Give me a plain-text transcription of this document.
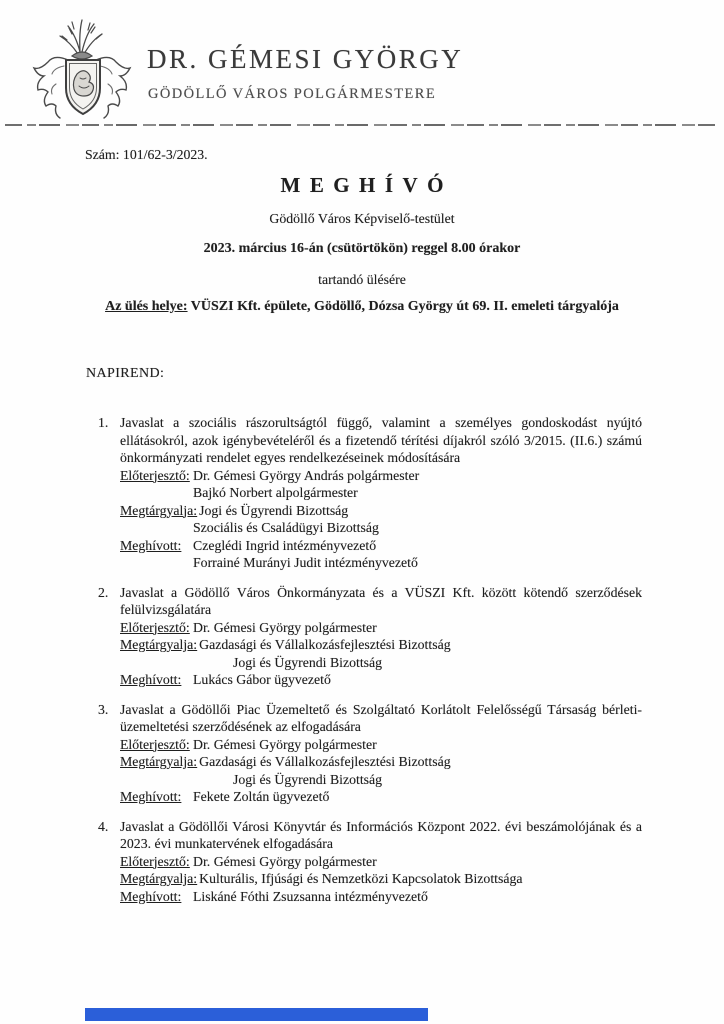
DR. GÉMESI GYÖRGY
GÖDÖLLŐ VÁROS POLGÁRMESTERE
Szám: 101/62-3/2023.
MEGHÍVÓ
Gödöllő Város Képviselő-testület
2023. március 16-án (csütörtökön) reggel 8.00 órakor
tartandó ülésére
Az ülés helye: VÜSZI Kft. épülete, Gödöllő, Dózsa György út 69. II. emeleti tárgyalója
NAPIREND:
1. Javaslat a szociális rászorultságtól függő, valamint a személyes gondoskodást nyújtó ellátásokról, azok igénybevételéről és a fizetendő térítési díjakról szóló 3/2015. (II.6.) számú önkormányzati rendelet egyes rendelkezéseinek módosítására

Előterjesztő: Dr. Gémesi György András polgármester
Bajkó Norbert alpolgármester
Megtárgyalja: Jogi és Ügyrendi Bizottság
Szociális és Családügyi Bizottság
Meghívott: Czeglédi Ingrid intézményvezető
Forrainé Murányi Judit intézményvezető
2. Javaslat a Gödöllő Város Önkormányzata és a VÜSZI Kft. között kötendő szerződések felülvizsgálatára

Előterjesztő: Dr. Gémesi György polgármester
Megtárgyalja: Gazdasági és Vállalkozásfejlesztési Bizottság
Jogi és Ügyrendi Bizottság
Meghívott: Lukács Gábor ügyvezető
3. Javaslat a Gödöllői Piac Üzemeltető és Szolgáltató Korlátolt Felelősségű Társaság bérleti-üzemeltetési szerződésének az elfogadására

Előterjesztő: Dr. Gémesi György polgármester
Megtárgyalja: Gazdasági és Vállalkozásfejlesztési Bizottság
Jogi és Ügyrendi Bizottság
Meghívott: Fekete Zoltán ügyvezető
4. Javaslat a Gödöllői Városi Könyvtár és Információs Központ 2022. évi beszámolójának és a 2023. évi munkatervének elfogadására

Előterjesztő: Dr. Gémesi György polgármester
Megtárgyalja: Kulturális, Ifjúsági és Nemzetközi Kapcsolatok Bizottsága
Meghívott: Liskáné Fóthi Zsuzsanna intézményvezető
